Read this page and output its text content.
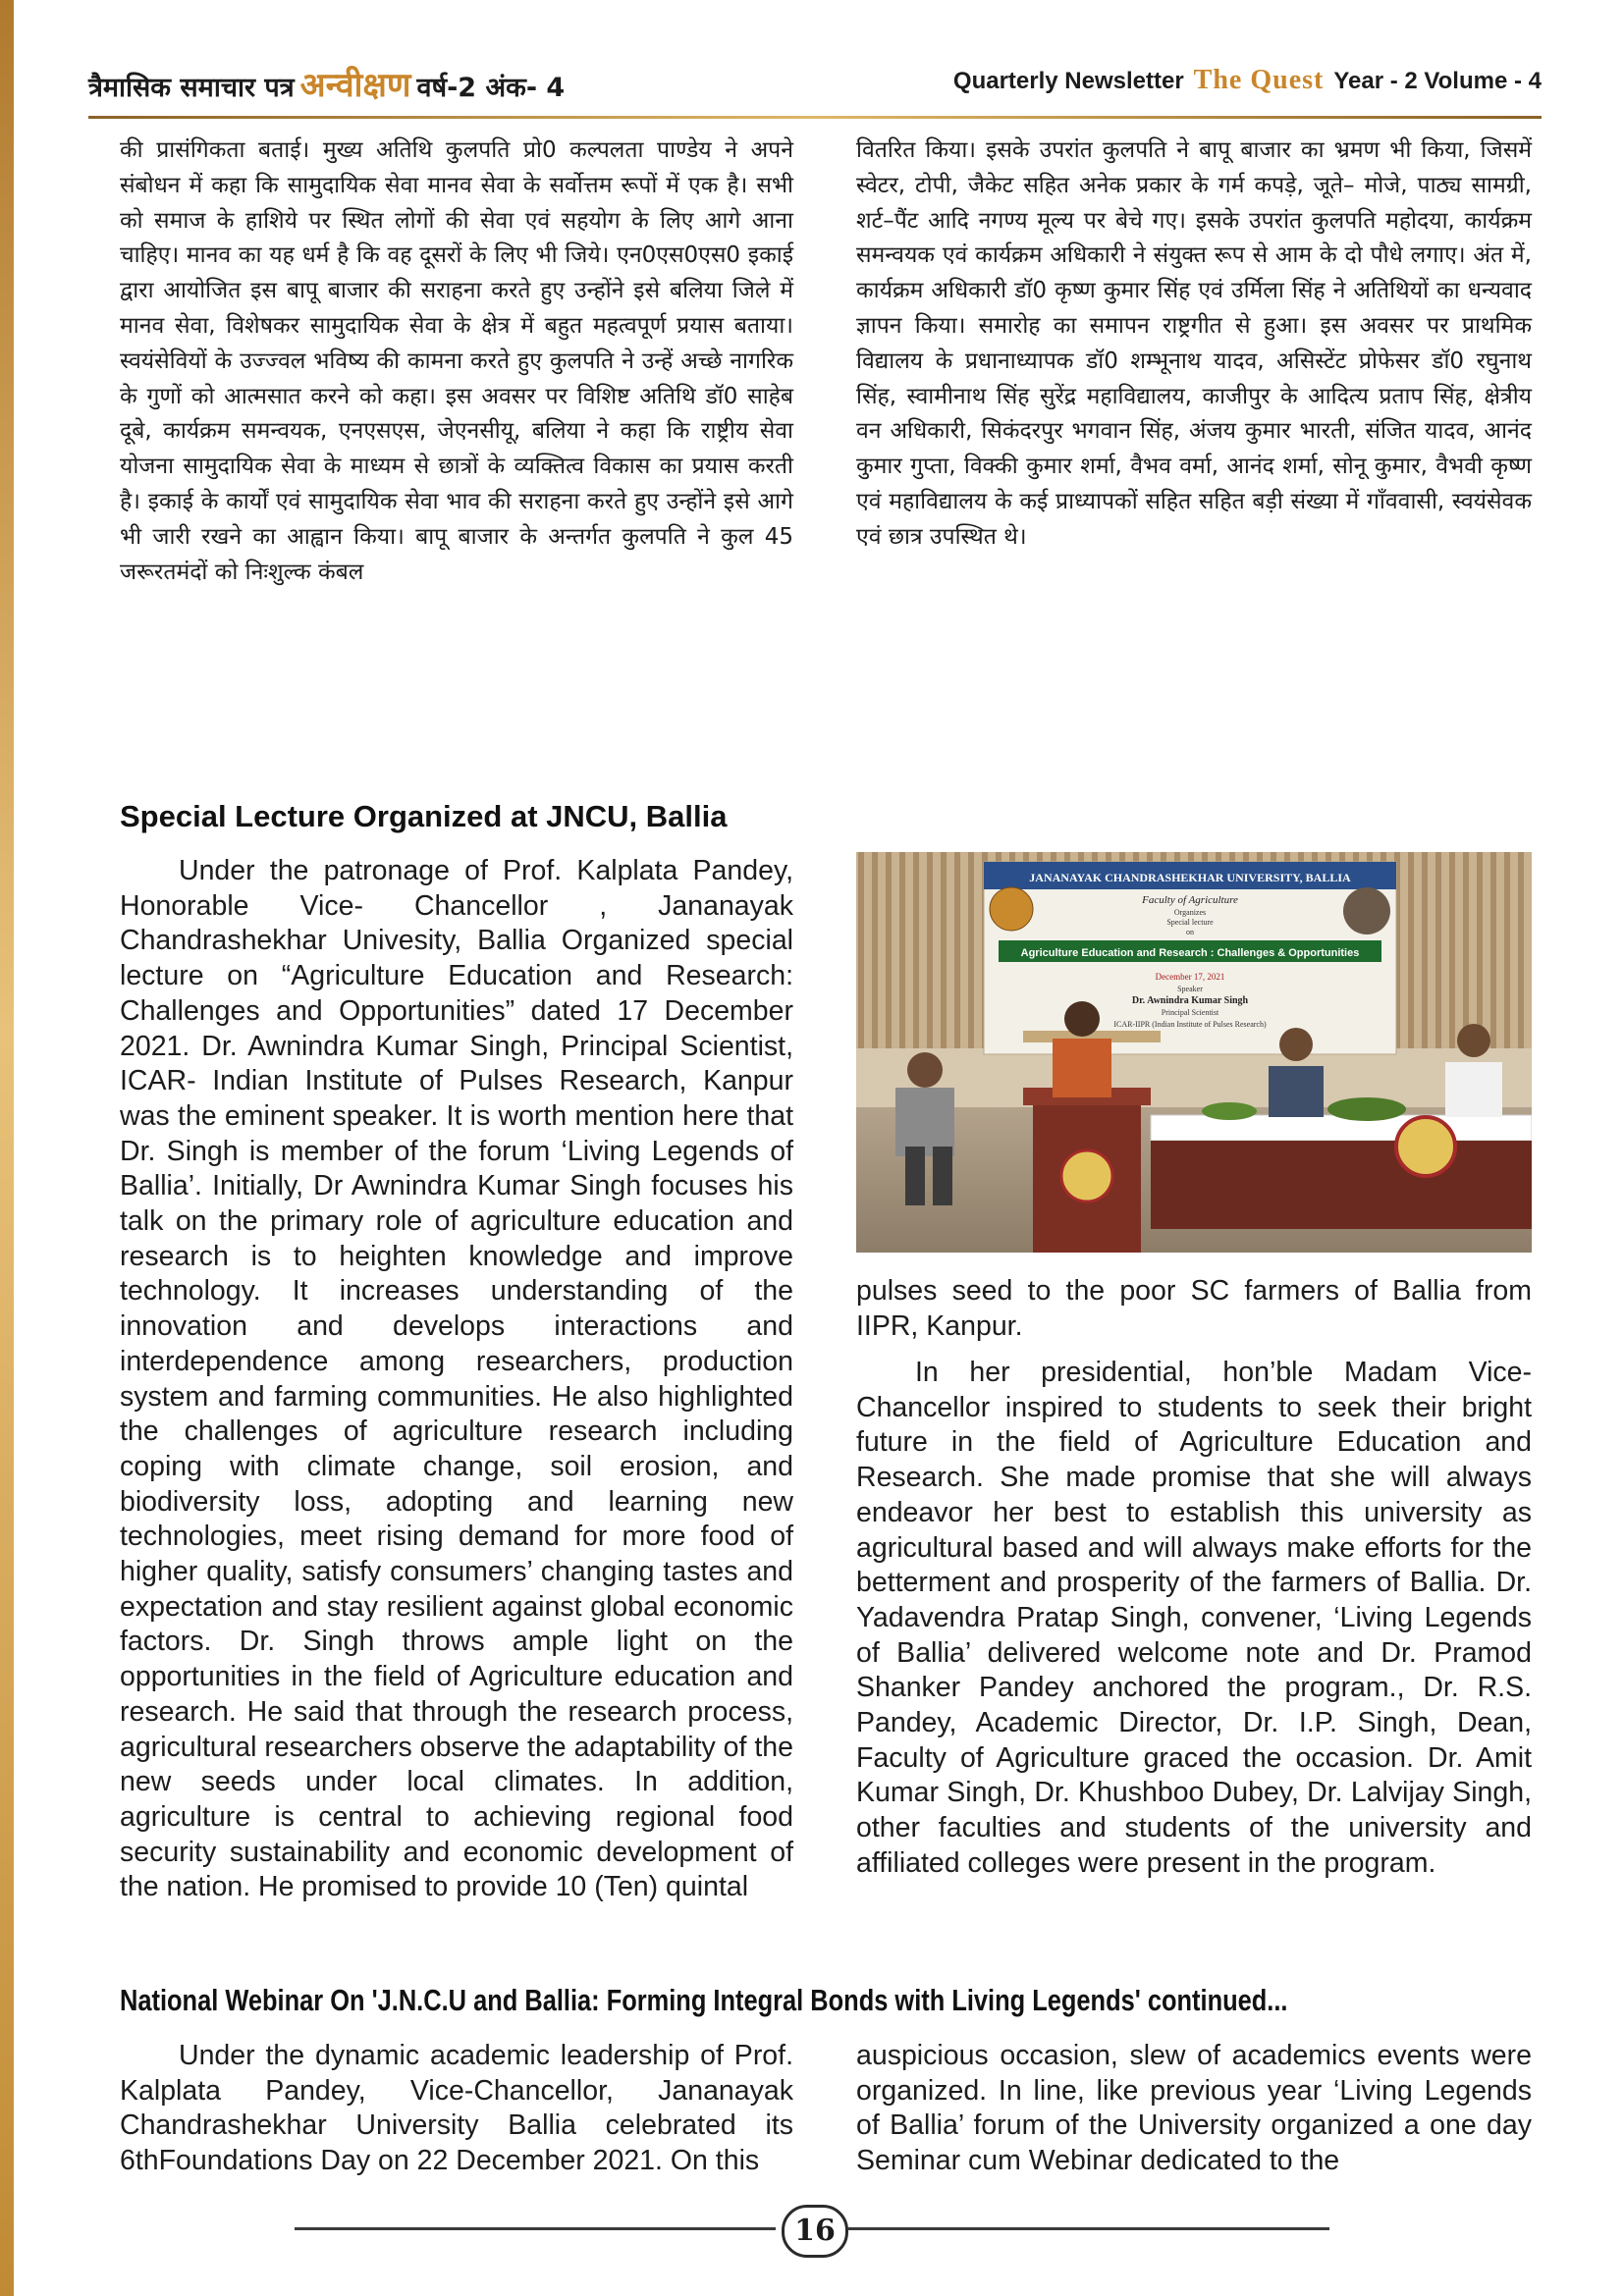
त्रैमासिक समाचार पत्र अन्वीक्षण वर्ष-2 अंक- 4	Quarterly Newsletter The Quest Year - 2 Volume - 4

की प्रासंगिकता बताई। मुख्य अतिथि कुलपति प्रो0 कल्पलता पाण्डेय ने अपने संबोधन में कहा कि सामुदायिक सेवा मानव सेवा के सर्वोत्तम रूपों में एक है। सभी को समाज के हाशिये पर स्थित लोगों की सेवा एवं सहयोग के लिए आगे आना चाहिए। मानव का यह धर्म है कि वह दूसरों के लिए भी जिये। एन0एस0एस0 इकाई द्वारा आयोजित इस बापू बाजार की सराहना करते हुए उन्होंने इसे बलिया जिले में मानव सेवा, विशेषकर सामुदायिक सेवा के क्षेत्र में बहुत महत्वपूर्ण प्रयास बताया। स्वयंसेवियों के उज्ज्वल भविष्य की कामना करते हुए कुलपति ने उन्हें अच्छे नागरिक के गुणों को आत्मसात करने को कहा। इस अवसर पर विशिष्ट अतिथि डॉ0 साहेब दूबे, कार्यक्रम समन्वयक, एनएसएस, जेएनसीयू, बलिया ने कहा कि राष्ट्रीय सेवा योजना सामुदायिक सेवा के माध्यम से छात्रों के व्यक्तित्व विकास का प्रयास करती है। इकाई के कार्यों एवं सामुदायिक सेवा भाव की सराहना करते हुए उन्होंने इसे आगे भी जारी रखने का आह्वान किया। बापू बाजार के अन्तर्गत कुलपति ने कुल 45 जरूरतमंदों को निःशुल्क कंबल

वितरित किया। इसके उपरांत कुलपति ने बापू बाजार का भ्रमण भी किया, जिसमें स्वेटर, टोपी, जैकेट सहित अनेक प्रकार के गर्म कपड़े, जूते– मोजे, पाठ्य सामग्री, शर्ट–पैंट आदि नगण्य मूल्य पर बेचे गए। इसके उपरांत कुलपति महोदया, कार्यक्रम समन्वयक एवं कार्यक्रम अधिकारी ने संयुक्त रूप से आम के दो पौधे लगाए। अंत में, कार्यक्रम अधिकारी डॉ0 कृष्ण कुमार सिंह एवं उर्मिला सिंह ने अतिथियों का धन्यवाद ज्ञापन किया। समारोह का समापन राष्ट्रगीत से हुआ। इस अवसर पर प्राथमिक विद्यालय के प्रधानाध्यापक डॉ0 शम्भूनाथ यादव, असिस्टेंट प्रोफेसर डॉ0 रघुनाथ सिंह, स्वामीनाथ सिंह सुरेंद्र महाविद्यालय, काजीपुर के आदित्य प्रताप सिंह, क्षेत्रीय वन अधिकारी, सिकंदरपुर भगवान सिंह, अंजय कुमार भारती, संजित यादव, आनंद कुमार गुप्ता, विक्की कुमार शर्मा, वैभव वर्मा, आनंद शर्मा, सोनू कुमार, वैभवी कृष्ण एवं महाविद्यालय के कई प्राध्यापकों सहित सहित बड़ी संख्या में गाँववासी, स्वयंसेवक एवं छात्र उपस्थित थे।

Special Lecture Organized at JNCU, Ballia

Under the patronage of Prof. Kalplata Pandey, Honorable Vice- Chancellor , Jananayak Chandrashekhar Univesity, Ballia Organized special lecture on “Agriculture Education and Research: Challenges and Opportunities” dated 17 December 2021. Dr. Awnindra Kumar Singh, Principal Scientist, ICAR- Indian Institute of Pulses Research, Kanpur was the eminent speaker. It is worth mention here that Dr. Singh is member of the forum ‘Living Legends of Ballia’. Initially, Dr Awnindra Kumar Singh focuses his talk on the primary role of agriculture education and research is to heighten knowledge and improve technology. It increases understanding of the innovation and develops interactions and interdependence among researchers, production system and farming communities. He also highlighted the challenges of agriculture research including coping with climate change, soil erosion, and biodiversity loss, adopting and learning new technologies, meet rising demand for more food of higher quality, satisfy consumers’ changing tastes and expectation and stay resilient against global economic factors. Dr. Singh throws ample light on the opportunities in the field of Agriculture education and research. He said that through the research process, agricultural researchers observe the adaptability of the new seeds under local climates. In addition, agriculture is central to achieving regional food security sustainability and economic development of the nation. He promised to provide 10 (Ten) quintal

JANANAYAK CHANDRASHEKHAR UNIVERSITY, BALLIA
Faculty of Agriculture
Organizes
Special lecture
on
Agriculture Education and Research : Challenges & Opportunities
December 17, 2021
Speaker
Dr. Awnindra Kumar Singh
Principal Scientist
ICAR-IIPR (Indian Institute of Pulses Research)

pulses seed to the poor SC farmers of Ballia from IIPR, Kanpur.

In her presidential, hon’ble Madam Vice-Chancellor inspired to students to seek their bright future in the field of Agriculture Education and Research. She made promise that she will always endeavor her best to establish this university as agricultural based and will always make efforts for the betterment and prosperity of the farmers of Ballia. Dr. Yadavendra Pratap Singh, convener, ‘Living Legends of Ballia’ delivered welcome note and Dr. Pramod Shanker Pandey anchored the program., Dr. R.S. Pandey, Academic Director, Dr. I.P. Singh, Dean, Faculty of Agriculture graced the occasion. Dr. Amit Kumar Singh, Dr. Khushboo Dubey, Dr. Lalvijay Singh, other faculties and students of the university and affiliated colleges were present in the program.

National Webinar On 'J.N.C.U and Ballia: Forming Integral Bonds with Living Legends' continued...

Under the dynamic academic leadership of Prof. Kalplata Pandey, Vice-Chancellor, Jananayak Chandrashekhar University Ballia celebrated its 6thFoundations Day on 22 December 2021. On this

auspicious occasion, slew of academics events were organized. In line, like previous year ‘Living Legends of Ballia’ forum of the University organized a one day Seminar cum Webinar dedicated to the

16
